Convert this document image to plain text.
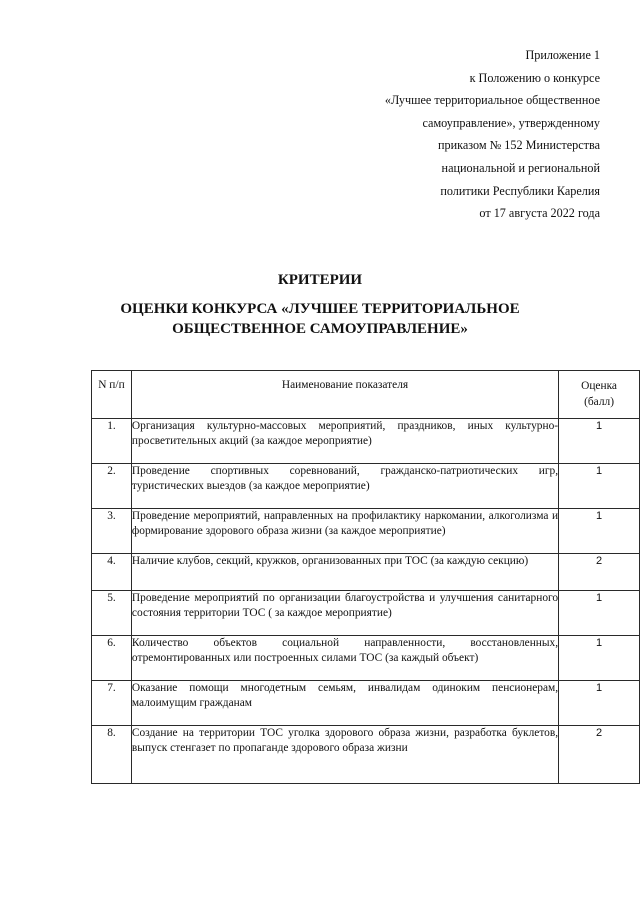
Приложение 1
к Положению о конкурсе
«Лучшее территориальное общественное
самоуправление», утвержденному
приказом № 152 Министерства
национальной и региональной
политики Республики Карелия
от 17 августа 2022 года
КРИТЕРИИ
ОЦЕНКИ КОНКУРСА «ЛУЧШЕЕ ТЕРРИТОРИАЛЬНОЕ
ОБЩЕСТВЕННОЕ САМОУПРАВЛЕНИЕ»
N п/п	Наименование показателя	Оценка
(балл)

1.	Организация культурно-массовых мероприятий, праздников, иных культурно-просветительных акций (за каждое мероприятие)	1
2.	Проведение спортивных соревнований, гражданско-патриотических игр, туристических выездов (за каждое мероприятие)	1
3.	Проведение мероприятий, направленных на профилактику наркомании, алкоголизма и формирование здорового образа жизни (за каждое мероприятие)	1
4.	Наличие клубов, секций, кружков, организованных при ТОС (за каждую секцию)	2
5.	Проведение мероприятий по организации благоустройства и улучшения санитарного состояния территории ТОС ( за каждое мероприятие)	1
6.	Количество объектов социальной направленности, восстановленных, отремонтированных или построенных силами ТОС (за каждый объект)	1
7.	Оказание помощи многодетным семьям, инвалидам одиноким пенсионерам, малоимущим гражданам	1
8.	Создание на территории ТОС уголка здорового образа жизни, разработка буклетов, выпуск стенгазет по пропаганде здорового образа жизни	2
